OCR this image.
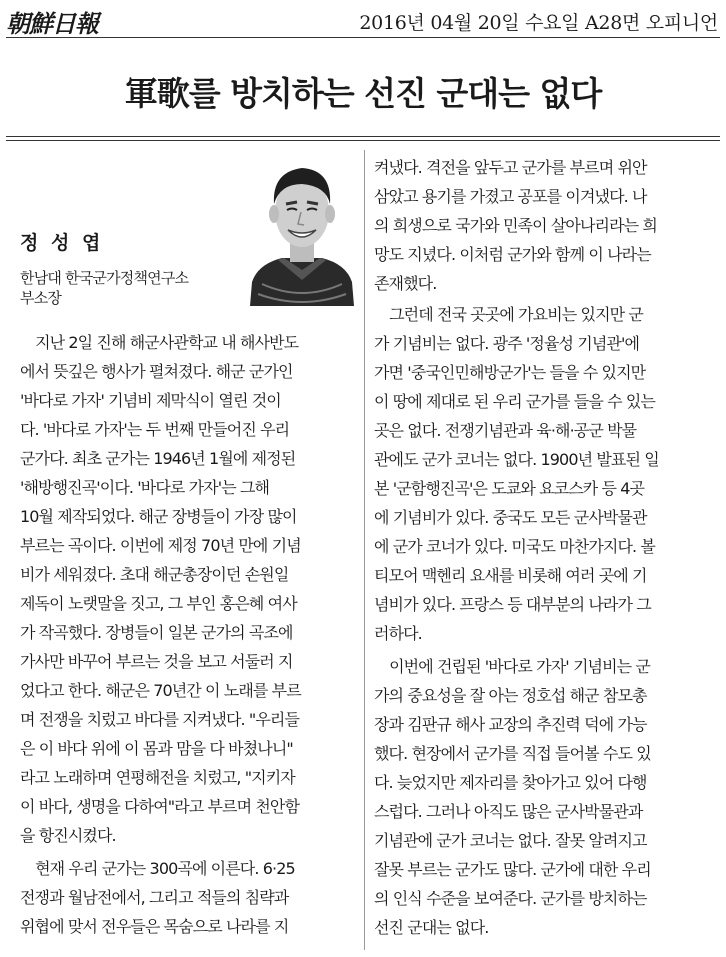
朝鮮日報	2016년 04월 20일 수요일 A28면 오피니언
軍歌를 방치하는 선진 군대는 없다
정 성 엽
한남대 한국군가정책연구소
부소장
　지난 2일 진해 해군사관학교 내 해사반도
에서 뜻깊은 행사가 펼쳐졌다. 해군 군가인
'바다로 가자' 기념비 제막식이 열린 것이
다. '바다로 가자'는 두 번째 만들어진 우리
군가다. 최초 군가는 1946년 1월에 제정된
'해방행진곡'이다. '바다로 가자'는 그해
10월 제작되었다. 해군 장병들이 가장 많이
부르는 곡이다. 이번에 제정 70년 만에 기념
비가 세워졌다. 초대 해군총장이던 손원일
제독이 노랫말을 짓고, 그 부인 홍은혜 여사
가 작곡했다. 장병들이 일본 군가의 곡조에
가사만 바꾸어 부르는 것을 보고 서둘러 지
었다고 한다. 해군은 70년간 이 노래를 부르
며 전쟁을 치렀고 바다를 지켜냈다. "우리들
은 이 바다 위에 이 몸과 맘을 다 바쳤나니"
라고 노래하며 연평해전을 치렀고, "지키자
이 바다, 생명을 다하여"라고 부르며 천안함
을 항진시켰다.
　현재 우리 군가는 300곡에 이른다. 6·25
전쟁과 월남전에서, 그리고 적들의 침략과
위협에 맞서 전우들은 목숨으로 나라를 지
켜냈다. 격전을 앞두고 군가를 부르며 위안
삼았고 용기를 가졌고 공포를 이겨냈다. 나
의 희생으로 국가와 민족이 살아나리라는 희
망도 지녔다. 이처럼 군가와 함께 이 나라는
존재했다.
　그런데 전국 곳곳에 가요비는 있지만 군
가 기념비는 없다. 광주 '정율성 기념관'에
가면 '중국인민해방군가'는 들을 수 있지만
이 땅에 제대로 된 우리 군가를 들을 수 있는
곳은 없다. 전쟁기념관과 육·해·공군 박물
관에도 군가 코너는 없다. 1900년 발표된 일
본 '군함행진곡'은 도쿄와 요코스카 등 4곳
에 기념비가 있다. 중국도 모든 군사박물관
에 군가 코너가 있다. 미국도 마찬가지다. 볼
티모어 맥헨리 요새를 비롯해 여러 곳에 기
념비가 있다. 프랑스 등 대부분의 나라가 그
러하다.
　이번에 건립된 '바다로 가자' 기념비는 군
가의 중요성을 잘 아는 정호섭 해군 참모총
장과 김판규 해사 교장의 추진력 덕에 가능
했다. 현장에서 군가를 직접 들어볼 수도 있
다. 늦었지만 제자리를 찾아가고 있어 다행
스럽다. 그러나 아직도 많은 군사박물관과
기념관에 군가 코너는 없다. 잘못 알려지고
잘못 부르는 군가도 많다. 군가에 대한 우리
의 인식 수준을 보여준다. 군가를 방치하는
선진 군대는 없다.
